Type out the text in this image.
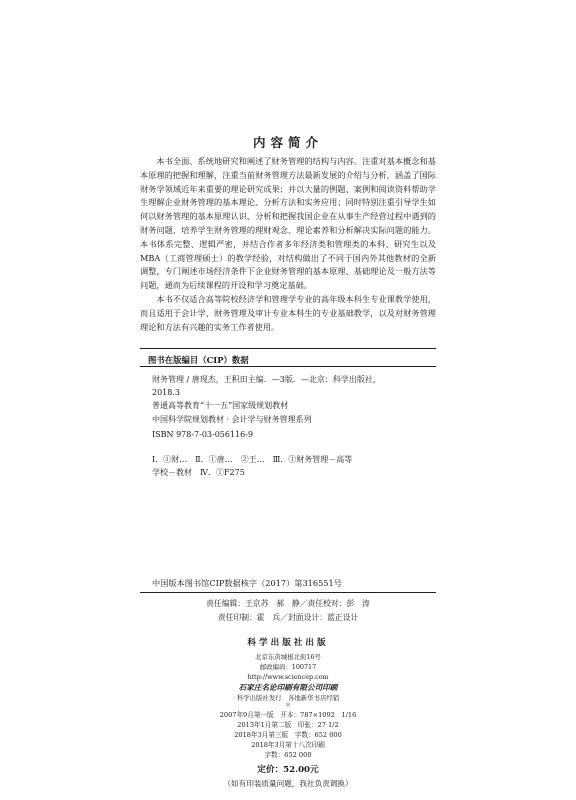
内容简介

本书全面、系统地研究和阐述了财务管理的结构与内容。注重对基本概念和基本原理的把握和理解，注重当前财务管理方法最新发展的介绍与分析，涵盖了国际财务学领域近年来重要的理论研究成果；并以大量的例题、案例和阅读资料帮助学生理解企业财务管理的基本理论、分析方法和实务应用；同时特别注重引导学生如何以财务管理的基本原理认识、分析和把握我国企业在从事生产经营过程中遇到的财务问题，培养学生财务管理的理财观念、理论素养和分析解决实际问题的能力。本书体系完整、逻辑严密，并结合作者多年经济类和管理类的本科、研究生以及MBA（工商管理硕士）的教学经验，对结构做出了不同于国内外其他教材的全新调整，专门阐述市场经济条件下企业财务管理的基本原理、基础理论及一般方法等问题，通而为后续课程的开设和学习奠定基础。

本书不仅适合高等院校经济学和管理学专业的高年级本科生专业课教学使用，而且适用于会计学、财务管理及审计专业本科生的专业基础教学，以及对财务管理理论和方法有兴趣的实务工作者使用。

图书在版编目（CIP）数据
财务管理 / 唐现杰，王积田主编．—3版．—北京：科学出版社，
2018.3
普通高等教育“十一五”国家级规划教材
中国科学院规划教材 · 会计学与财务管理系列
ISBN 978-7-03-056116-9
Ⅰ．①财…　Ⅱ．①唐…　②王…　Ⅲ．①财务管理－高等
学校－教材　Ⅳ．①F275
中国版本图书馆CIP数据核字（2017）第316551号
责任编辑：王京苏　郝　静／责任校对：彭　涛
责任印制：霍　兵／封面设计：蓝正设计
科学出版社出版
北京东黄城根北街16号
邮政编码：100717
http://www.sciencep.com
石家庄名论印刷有限公司印刷
科学出版社发行　各地新华书店经销
＊
2007年9月第一版　开本：787×1092　1/16
2013年1月第二版　印张：27 1/2
2018年3月第三版　字数：652 000
2018年3月第十八次印刷
字数：652 000
定价：52.00元
（如有印装质量问题，我社负责调换）
